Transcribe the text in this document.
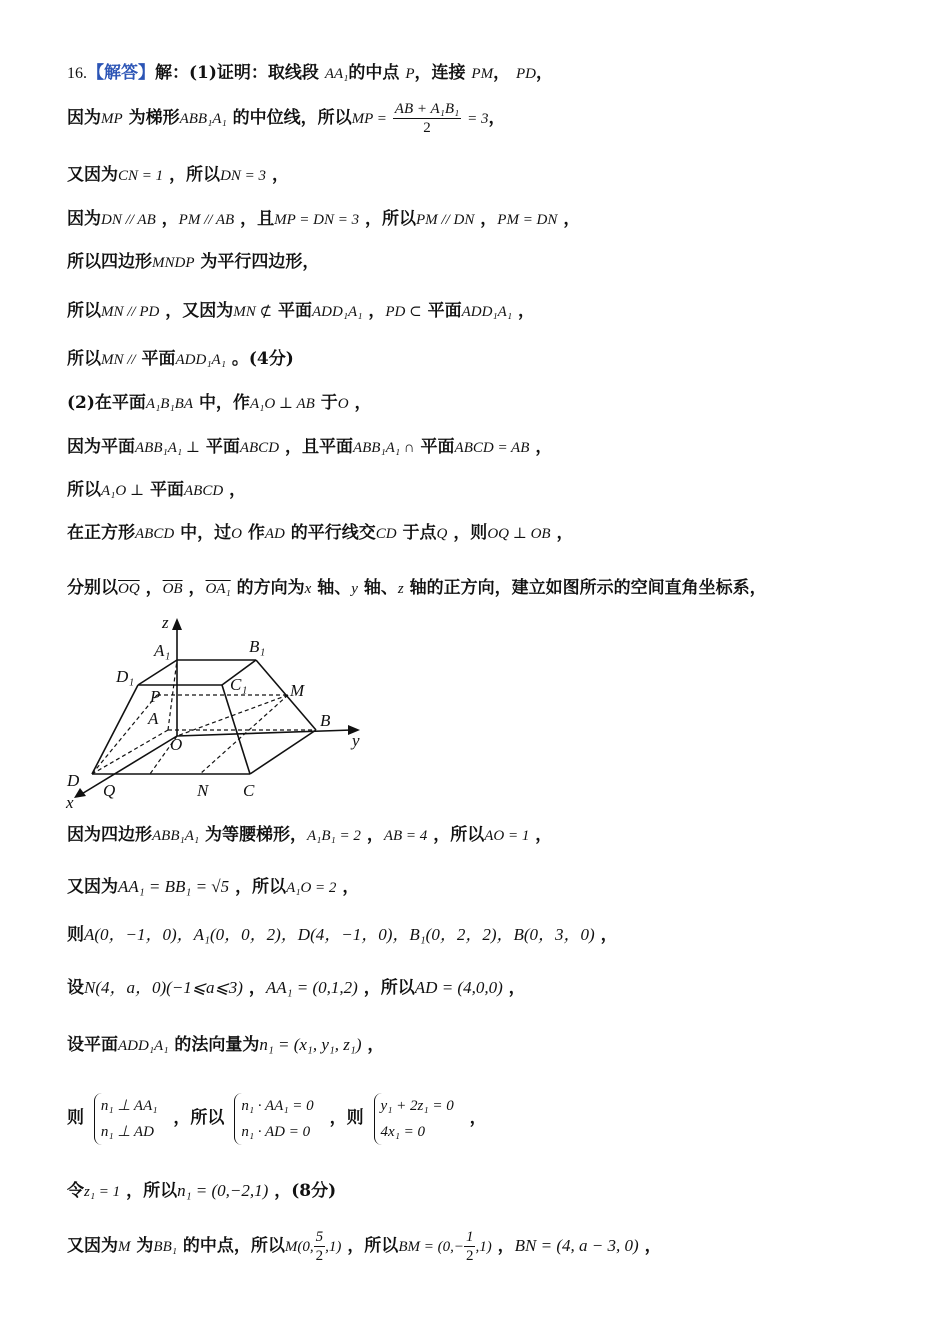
16.【解答】解：(1)证明：取线段 AA₁的中点 P，连接 PM， PD，
因为MP 为梯形ABB₁A₁ 的中位线，所以MP = $\frac{\text{AB + A₁B₁}}{2} = 3$，
又因为CN = 1 ，所以DN = 3 ，
因为DN // AB ，PM // AB ，且MP = DN = 3 ，所以PM // DN ，PM = DN ，
所以四边形MNDP 为平行四边形，
所以MN // PD ，又因为MN ⊄ 平面ADD₁A₁ ，PD ⊂ 平面ADD₁A₁ ，
所以MN // 平面ADD₁A₁ 。(4分)
(2)在平面A₁B₁BA 中，作A₁O ⊥ AB 于O ，
因为平面ABB₁A₁ ⊥ 平面ABCD ，且平面ABB₁A₁ ∩ 平面ABCD = AB ，
所以A₁O ⊥ 平面ABCD ，
在正方形ABCD 中，过O 作AD 的平行线交CD 于点Q ，则OQ ⊥ OB ，
分别以$\overline{OQ}$ ，$\overline{OB}$ ，OA₁ 的方向为x 轴、y 轴、z 轴的正方向，建立如图所示的空间直角坐标系，
z
A₁	B₁
D₁	C₁
P	M
A
O
B
y
D
x
Q	N C
因为四边形ABB₁A₁ 为等腰梯形，A₁B₁ = 2 ，AB = 4 ，所以AO = 1 ，
又因为AA₁ = BB₁ = √5 ，所以A₁O = 2 ，
则A(0，−1，0)，A₁(0，0，2)，D(4，−1，0)，B₁(0，2，2)，B(0，3，0) ，
设N(4，a，0)(−1⩽a⩽3) ，AA₁ = (0,1,2) ，所以AD = (4,0,0) ，
设平面ADD₁A₁ 的法向量为n₁ = (x₁, y₁, z₁) ，
则
n₁ ⊥ AA₁
n₁ ⊥ AD
，所以
n₁ · AA₁ = 0
n₁ · AD = 0
，则
y₁ + 2z₁ = 0
4x₁ = 0
，
令z₁ = 1 ，所以n₁ = (0,−2,1) ，(8分)
又因为M 为BB₁ 的中点，所以M(0, $\frac{5}{2} ,1$) ，所以BM = $(0,- \frac{1}{2} ,1)$ ，BN = (4, a − 3, 0) ，
